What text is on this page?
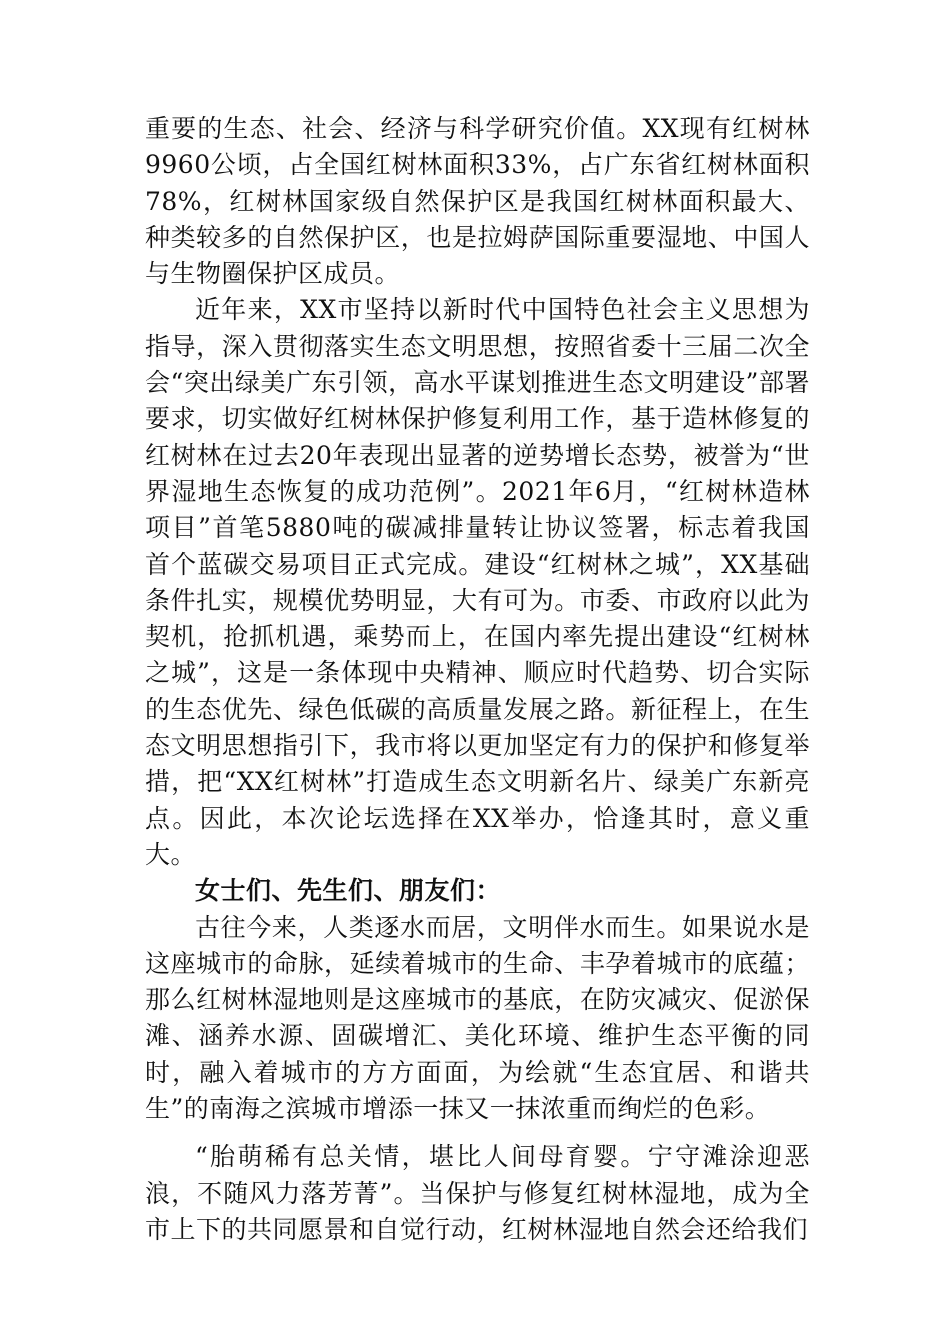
重要的生态、社会、经济与科学研究价值。XX现有红树林9960公顷，占全国红树林面积33%，占广东省红树林面积78%，红树林国家级自然保护区是我国红树林面积最大、种类较多的自然保护区，也是拉姆萨国际重要湿地、中国人与生物圈保护区成员。

近年来，XX市坚持以新时代中国特色社会主义思想为指导，深入贯彻落实生态文明思想，按照省委十三届二次全会“突出绿美广东引领，高水平谋划推进生态文明建设”部署要求，切实做好红树林保护修复利用工作，基于造林修复的红树林在过去20年表现出显著的逆势增长态势，被誉为“世界湿地生态恢复的成功范例”。2021年6月，“红树林造林项目”首笔5880吨的碳减排量转让协议签署，标志着我国首个蓝碳交易项目正式完成。建设“红树林之城”，XX基础条件扎实，规模优势明显，大有可为。市委、市政府以此为契机，抢抓机遇，乘势而上，在国内率先提出建设“红树林之城”，这是一条体现中央精神、顺应时代趋势、切合实际的生态优先、绿色低碳的高质量发展之路。新征程上，在生态文明思想指引下，我市将以更加坚定有力的保护和修复举措，把“XX红树林”打造成生态文明新名片、绿美广东新亮点。因此，本次论坛选择在XX举办，恰逢其时，意义重大。

女士们、先生们、朋友们：

古往今来，人类逐水而居，文明伴水而生。如果说水是这座城市的命脉，延续着城市的生命、丰孕着城市的底蕴；那么红树林湿地则是这座城市的基底，在防灾减灾、促淤保滩、涵养水源、固碳增汇、美化环境、维护生态平衡的同时，融入着城市的方方面面，为绘就“生态宜居、和谐共生”的南海之滨城市增添一抹又一抹浓重而绚烂的色彩。

“胎萌稀有总关情，堪比人间母育婴。宁守滩涂迎恶浪，不随风力落芳菁”。当保护与修复红树林湿地，成为全市上下的共同愿景和自觉行动，红树林湿地自然会还给我们
